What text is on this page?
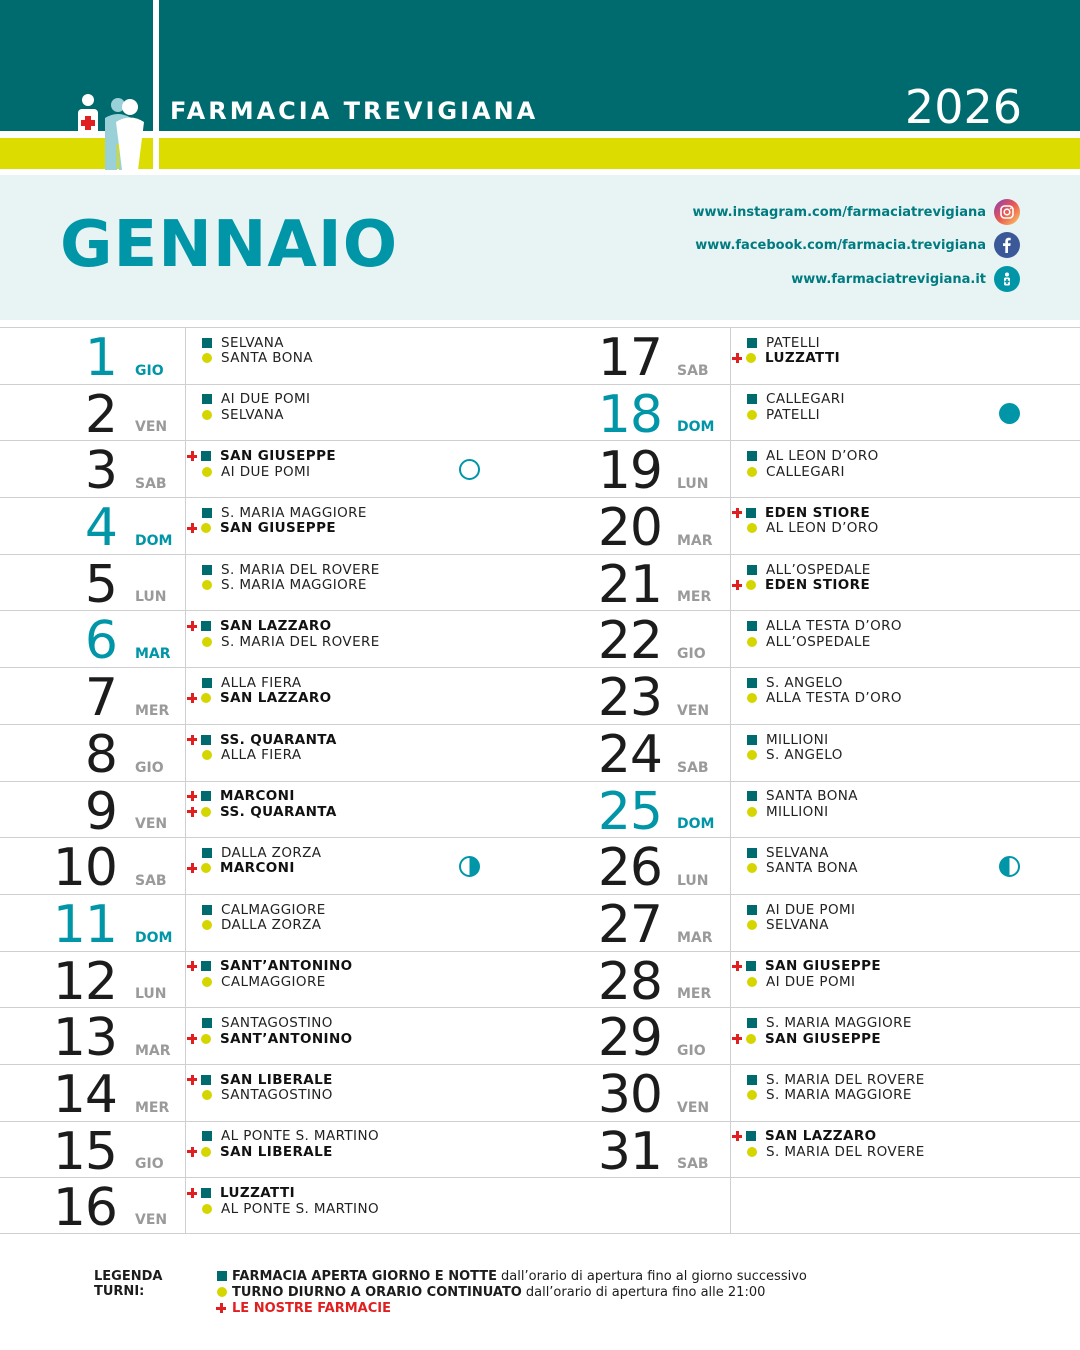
FARMACIA TREVIGIANA	2026
GENNAIO	www.instagram.com/farmaciatrevigiana
www.facebook.com/farmacia.trevigiana
www.farmaciatrevigiana.it
1 GIO
SELVANA
SANTA BONA
2 VEN
AI DUE POMI
SELVANA
3 SAB
SAN GIUSEPPE
AI DUE POMI
4 DOM
S. MARIA MAGGIORE
SAN GIUSEPPE
5 LUN
S. MARIA DEL ROVERE
S. MARIA MAGGIORE
6 MAR
SAN LAZZARO
S. MARIA DEL ROVERE
7 MER
ALLA FIERA
SAN LAZZARO
8 GIO
SS. QUARANTA
ALLA FIERA
9 VEN
MARCONI
SS. QUARANTA
10 SAB
DALLA ZORZA
MARCONI
11 DOM
CALMAGGIORE
DALLA ZORZA
12 LUN
SANT’ANTONINO
CALMAGGIORE
13 MAR
SANTAGOSTINO
SANT’ANTONINO
14 MER
SAN LIBERALE
SANTAGOSTINO
15 GIO
AL PONTE S. MARTINO
SAN LIBERALE
16 VEN
LUZZATTI
AL PONTE S. MARTINO
17 SAB
PATELLI
LUZZATTI
18 DOM
CALLEGARI
PATELLI
19 LUN
AL LEON D’ORO
CALLEGARI
20 MAR
EDEN STIORE
AL LEON D’ORO
21 MER
ALL’OSPEDALE
EDEN STIORE
22 GIO
ALLA TESTA D’ORO
ALL’OSPEDALE
23 VEN
S. ANGELO
ALLA TESTA D’ORO
24 SAB
MILLIONI
S. ANGELO
25 DOM
SANTA BONA
MILLIONI
26 LUN
SELVANA
SANTA BONA
27 MAR
AI DUE POMI
SELVANA
28 MER
SAN GIUSEPPE
AI DUE POMI
29 GIO
S. MARIA MAGGIORE
SAN GIUSEPPE
30 VEN
S. MARIA DEL ROVERE
S. MARIA MAGGIORE
31 SAB
SAN LAZZARO
S. MARIA DEL ROVERE
LEGENDA TURNI:
FARMACIA APERTA GIORNO E NOTTE dall’orario di apertura fino al giorno successivo
TURNO DIURNO A ORARIO CONTINUATO dall’orario di apertura fino alle 21:00
LE NOSTRE FARMACIE
